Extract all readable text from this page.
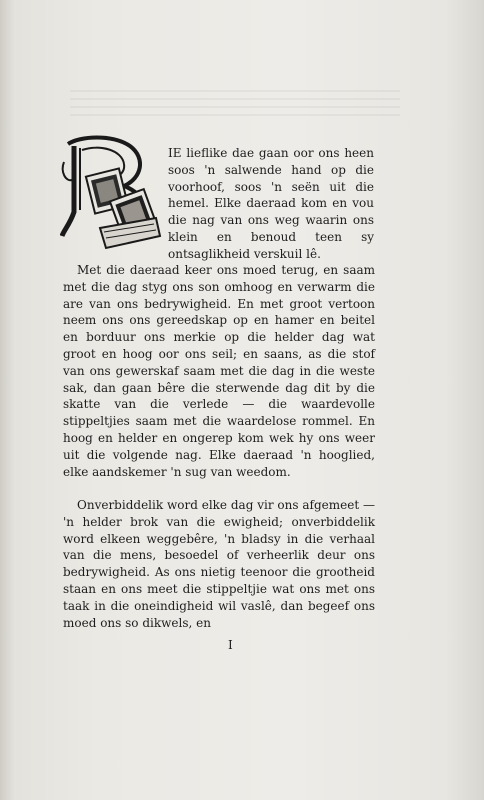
IE lieflike dae gaan oor ons heen soos 'n salwende hand op die voorhoof, soos 'n seën uit die hemel. Elke daeraad kom en vou die nag van ons weg waarin ons klein en benoud teen sy ontsaglikheid verskuil lê.

Met die daeraad keer ons moed terug, en saam met die dag styg ons son omhoog en verwarm die are van ons bedrywigheid. En met groot vertoon neem ons ons gereedskap op en hamer en beitel en borduur ons merkie op die helder dag wat groot en hoog oor ons seil; en saans, as die stof van ons gewerskaf saam met die dag in die weste sak, dan gaan bêre die sterwende dag dit by die skatte van die verlede — die waardevolle stippeltjies saam met die waardelose rommel. En hoog en helder en ongerep kom wek hy ons weer uit die volgende nag. Elke daeraad 'n hooglied, elke aandskemer 'n sug van weedom.

Onverbiddelik word elke dag vir ons afgemeet — 'n helder brok van die ewigheid; onverbiddelik word elkeen weggebêre, 'n bladsy in die verhaal van die mens, besoedel of verheerlik deur ons bedrywigheid. As ons nietig teenoor die grootheid staan en ons meet die stippeltjie wat ons met ons taak in die oneindigheid wil vaslê, dan begeef ons moed ons so dikwels, en

I
